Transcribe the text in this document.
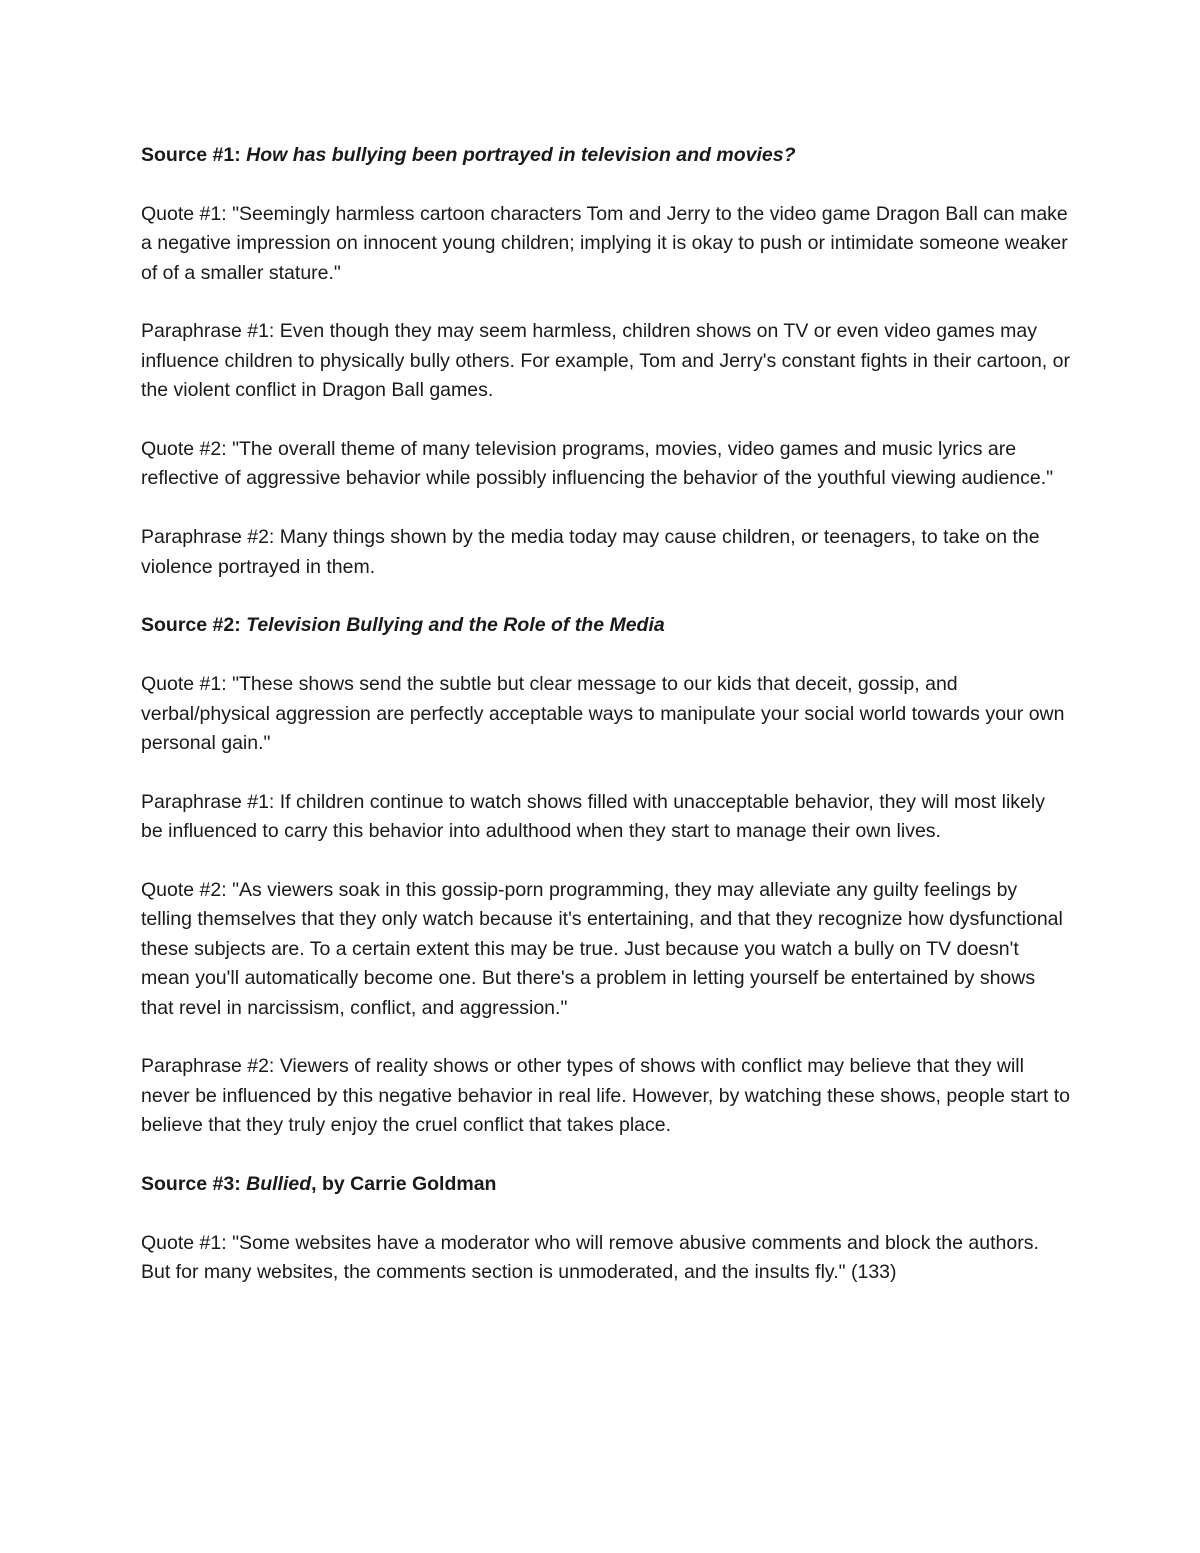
Source #1: How has bullying been portrayed in television and movies?
Quote #1: "Seemingly harmless cartoon characters Tom and Jerry to the video game Dragon Ball can make a negative impression on innocent young children; implying it is okay to push or intimidate someone weaker of of a smaller stature."
Paraphrase #1: Even though they may seem harmless, children shows on TV or even video games may influence children to physically bully others. For example, Tom and Jerry's constant fights in their cartoon, or the violent conflict in Dragon Ball games.
Quote #2: "The overall theme of many television programs, movies, video games and music lyrics are reflective of aggressive behavior while possibly influencing the behavior of the youthful viewing audience."
Paraphrase #2: Many things shown by the media today may cause children, or teenagers, to take on the violence portrayed in them.
Source #2: Television Bullying and the Role of the Media
Quote #1: "These shows send the subtle but clear message to our kids that deceit, gossip, and verbal/physical aggression are perfectly acceptable ways to manipulate your social world towards your own personal gain."
Paraphrase #1: If children continue to watch shows filled with unacceptable behavior, they will most likely be influenced to carry this behavior into adulthood when they start to manage their own lives.
Quote #2: "As viewers soak in this gossip-porn programming, they may alleviate any guilty feelings by telling themselves that they only watch because it's entertaining, and that they recognize how dysfunctional these subjects are. To a certain extent this may be true. Just because you watch a bully on TV doesn't mean you'll automatically become one. But there's a problem in letting yourself be entertained by shows that revel in narcissism, conflict, and aggression."
Paraphrase #2: Viewers of reality shows or other types of shows with conflict may believe that they will never be influenced by this negative behavior in real life. However, by watching these shows, people start to believe that they truly enjoy the cruel conflict that takes place.
Source #3: Bullied, by Carrie Goldman
Quote #1: "Some websites have a moderator who will remove abusive comments and block the authors. But for many websites, the comments section is unmoderated, and the insults fly." (133)
